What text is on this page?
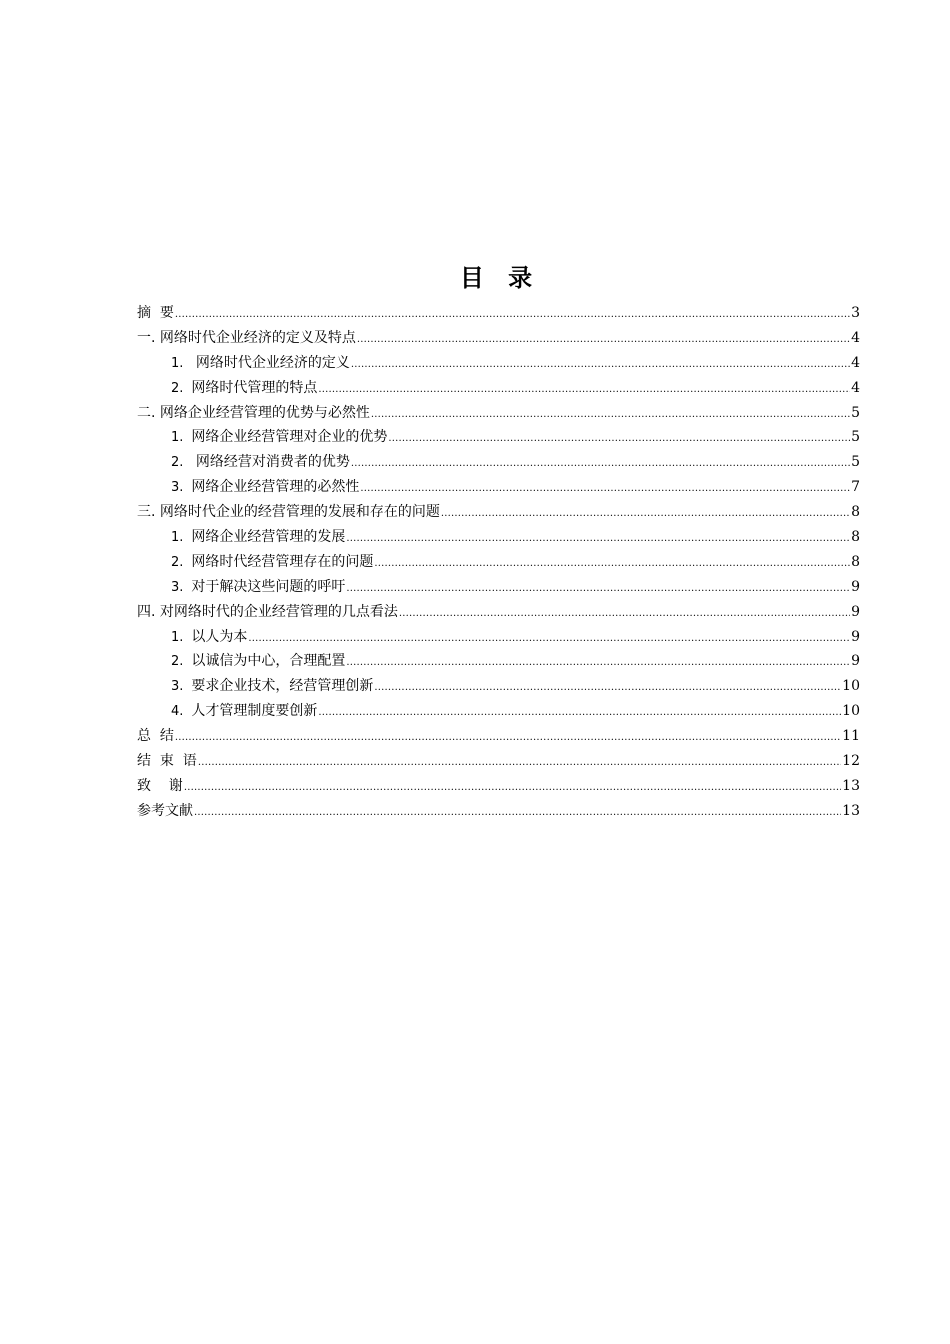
目 录
摘  要 .....	3
一. 网络时代企业经济的定义及特点 .....	4
1. 网络时代企业经济的定义 .....	4
2. 网络时代管理的特点 .....	4
二. 网络企业经营管理的优势与必然性 .....	5
1. 网络企业经营管理对企业的优势 .....	5
2. 网络经营对消费者的优势 .....	5
3. 网络企业经营管理的必然性 .....	7
三. 网络时代企业的经营管理的发展和存在的问题 .....	8
1. 网络企业经营管理的发展 .....	8
2. 网络时代经营管理存在的问题 .....	8
3. 对于解决这些问题的呼吁 .....	9
四. 对网络时代的企业经营管理的几点看法 .....	9
1. 以人为本 .....	9
2. 以诚信为中心，合理配置 .....	9
3. 要求企业技术，经营管理创新 .....	10
4. 人才管理制度要创新 .....	10
总  结 .....	11
结  束  语 .....	12
致    谢 .....	13
参考文献 .....	13
